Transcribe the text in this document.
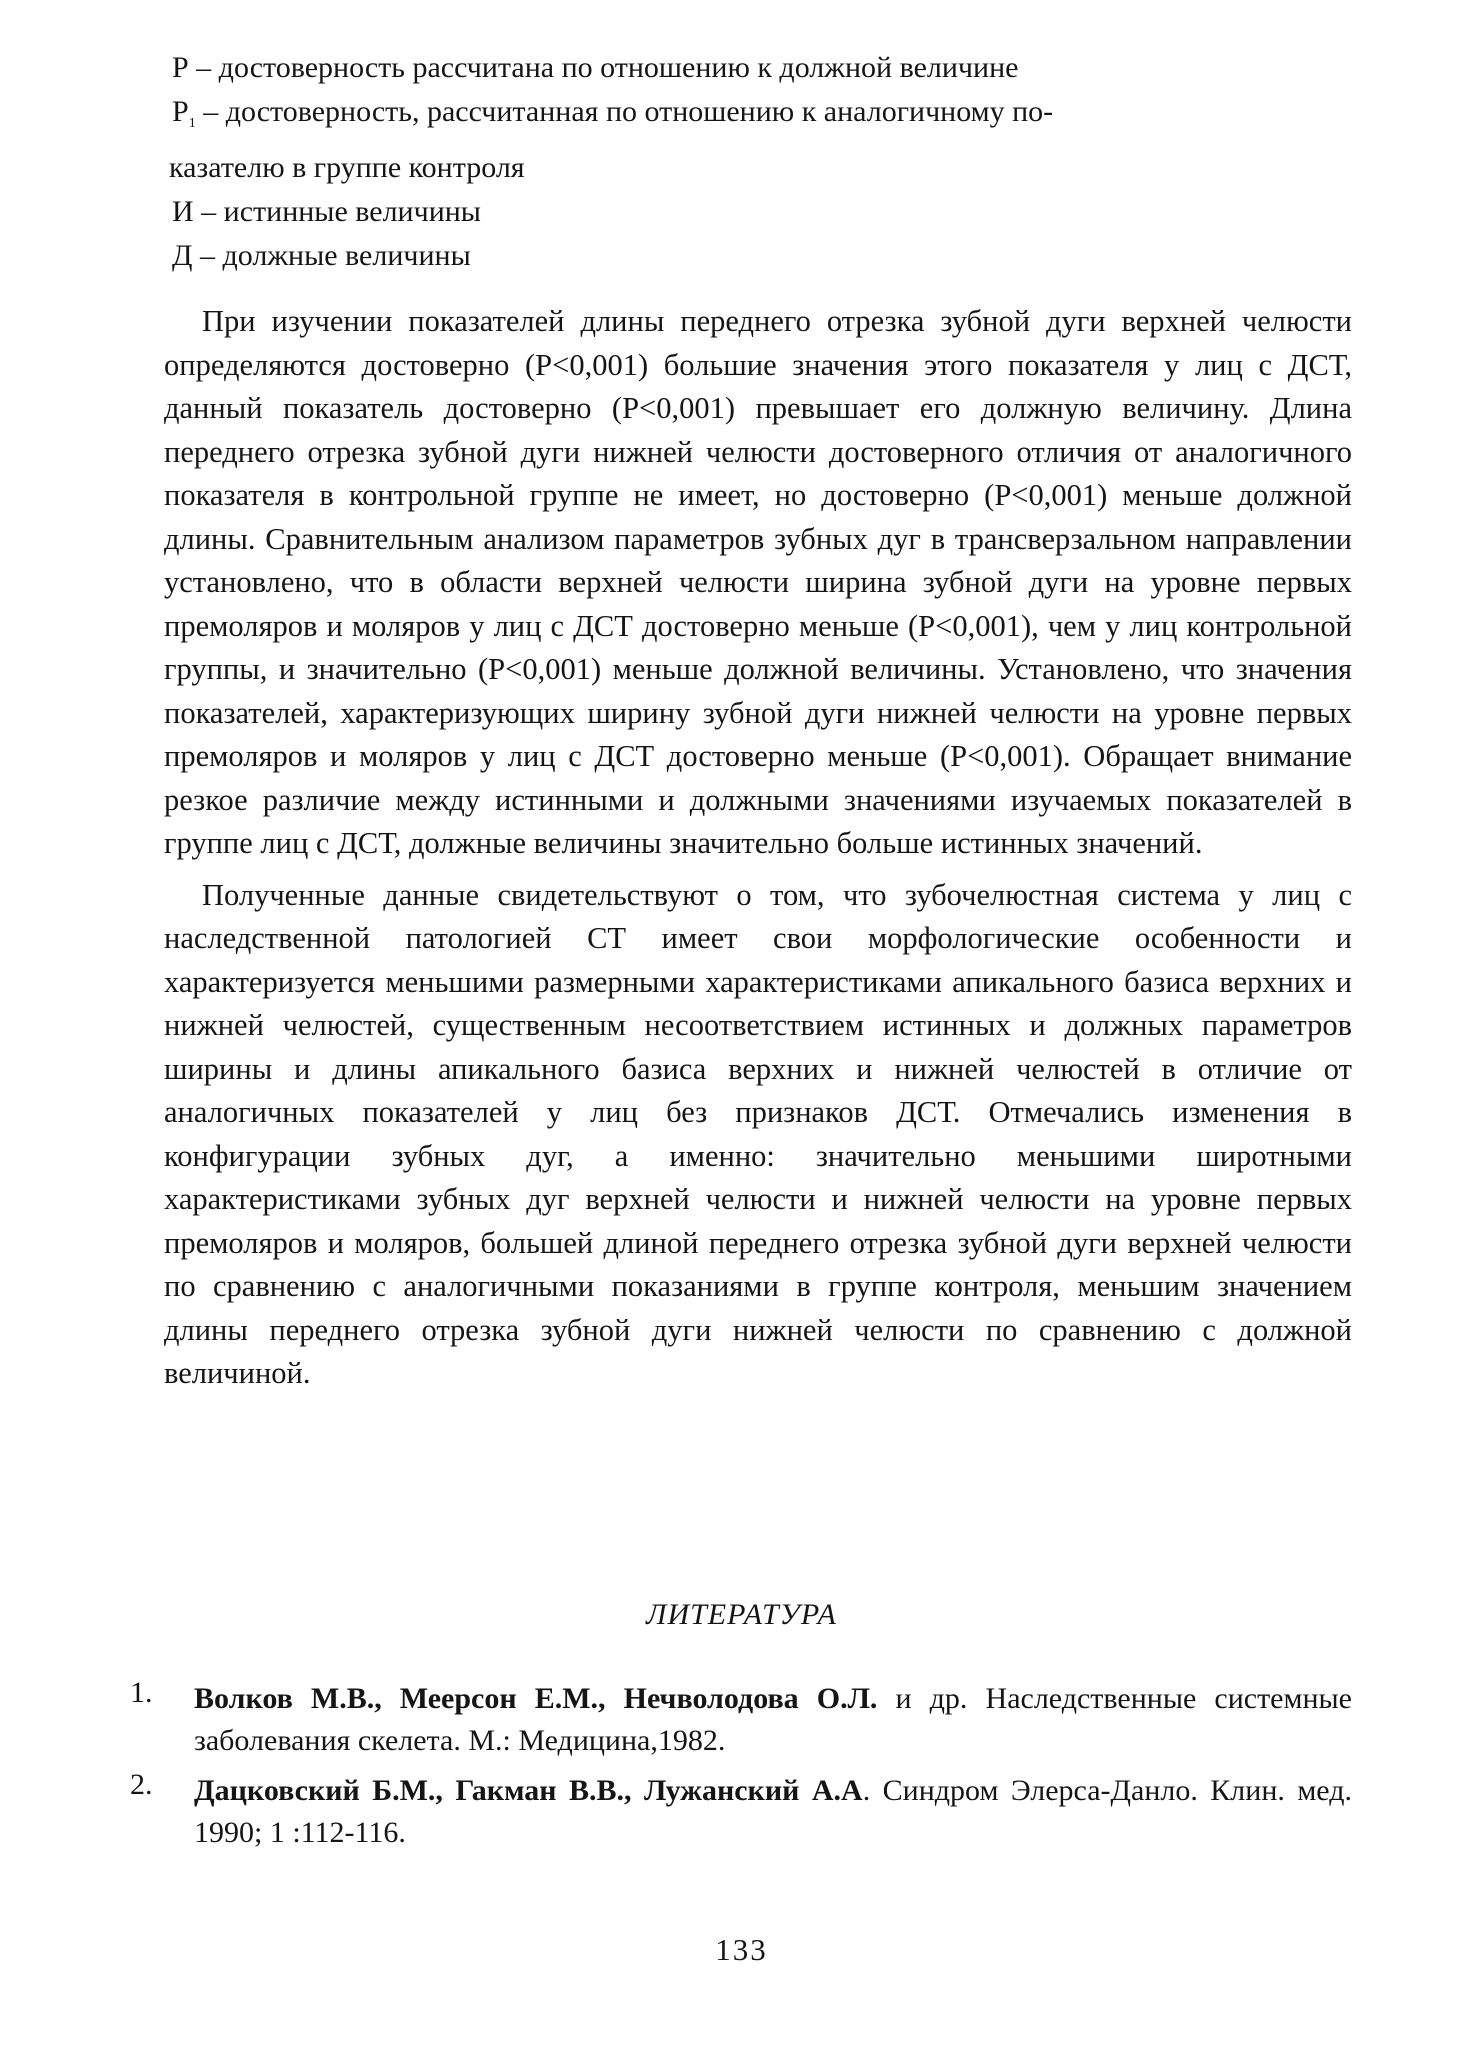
Р – достоверность рассчитана по отношению к должной величине
$Р_1$ – достоверность, рассчитанная по отношению к аналогичному по-
казателю в группе контроля
И – истинные величины
Д – должные величины

При изучении показателей длины переднего отрезка зубной дуги верхней челюсти определяются достоверно (Р<0,001) большие значения этого показателя у лиц с ДСТ, данный показатель достоверно (Р<0,001) превышает его должную величину. Длина переднего отрезка зубной дуги нижней челюсти достоверного отличия от аналогичного показателя в контрольной группе не имеет, но достоверно (Р<0,001) меньше должной длины. Сравнительным анализом параметров зубных дуг в трансверзальном направлении установлено, что в области верхней челюсти ширина зубной дуги на уровне первых премоляров и моляров у лиц с ДСТ достоверно меньше (Р<0,001), чем у лиц контрольной группы, и значительно (Р<0,001) меньше должной величины. Установлено, что значения показателей, характеризующих ширину зубной дуги нижней челюсти на уровне первых премоляров и моляров у лиц с ДСТ достоверно меньше (Р<0,001). Обращает внимание резкое различие между истинными и должными значениями изучаемых показателей в группе лиц с ДСТ, должные величины значительно больше истинных значений.

Полученные данные свидетельствуют о том, что зубочелюстная система у лиц с наследственной патологией СТ имеет свои морфологические особенности и характеризуется меньшими размерными характеристиками апикального базиса верхних и нижней челюстей, существенным несоответствием истинных и должных параметров ширины и длины апикального базиса верхних и нижней челюстей в отличие от аналогичных показателей у лиц без признаков ДСТ. Отмечались изменения в конфигурации зубных дуг, а именно: значительно меньшими широтными характеристиками зубных дуг верхней челюсти и нижней челюсти на уровне первых премоляров и моляров, большей длиной переднего отрезка зубной дуги верхней челюсти по сравнению с аналогичными показаниями в группе контроля, меньшим значением длины переднего отрезка зубной дуги нижней челюсти по сравнению с должной величиной.

ЛИТЕРАТУРА
1. Волков М.В., Меерсон Е.М., Нечволодова О.Л. и др. Наследственные системные заболевания скелета. М.: Медицина,1982.
2. Дацковский Б.М., Гакман В.В., Лужанский А.А. Синдром Элерса-Данло. Клин. мед. 1990; 1 :112-116.
133
